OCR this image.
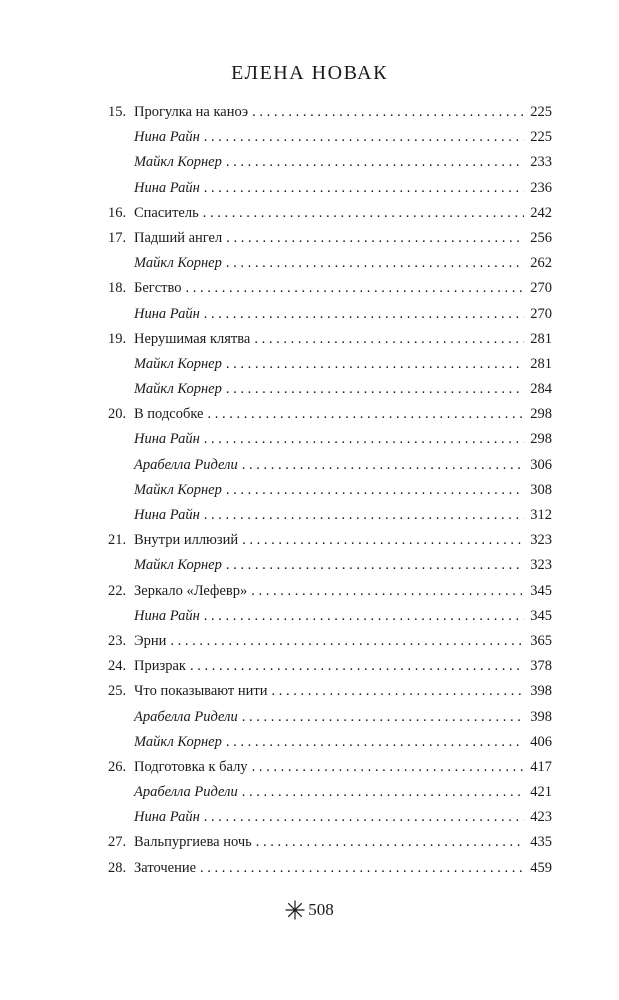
ЕЛЕНА НОВАК
15. Прогулка на каноэ . . .	225
Нина Райн . . .	225
Майкл Корнер . . .	233
Нина Райн . . .	236
16. Спаситель . . .	242
17. Падший ангел . . .	256
Майкл Корнер . . .	262
18. Бегство . . .	270
Нина Райн . . .	270
19. Нерушимая клятва . . .	281
Майкл Корнер . . .	281
Майкл Корнер . . .	284
20. В подсобке . . .	298
Нина Райн . . .	298
Арабелла Ридели . . .	306
Майкл Корнер . . .	308
Нина Райн . . .	312
21. Внутри иллюзий . . .	323
Майкл Корнер . . .	323
22. Зеркало «Лефевр» . . .	345
Нина Райн . . .	345
23. Эрни . . .	365
24. Призрак . . .	378
25. Что показывают нити . . .	398
Арабелла Ридели . . .	398
Майкл Корнер . . .	406
26. Подготовка к балу . . .	417
Арабелла Ридели . . .	421
Нина Райн . . .	423
27. Вальпургиева ночь . . .	435
28. Заточение . . .	459
508
